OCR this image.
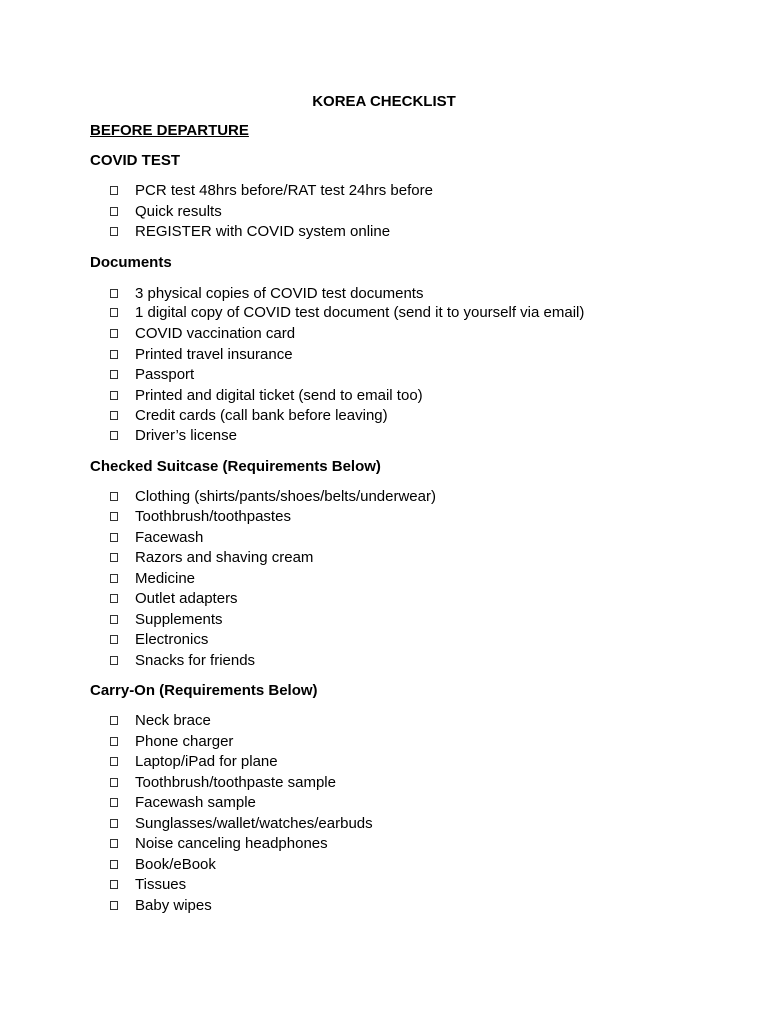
KOREA CHECKLIST
BEFORE DEPARTURE
COVID TEST
PCR test 48hrs before/RAT test 24hrs before
Quick results
REGISTER with COVID system online
Documents
3 physical copies of COVID test documents
1 digital copy of COVID test document (send it to yourself via email)
COVID vaccination card
Printed travel insurance
Passport
Printed and digital ticket (send to email too)
Credit cards (call bank before leaving)
Driver’s license
Checked Suitcase (Requirements Below)
Clothing (shirts/pants/shoes/belts/underwear)
Toothbrush/toothpastes
Facewash
Razors and shaving cream
Medicine
Outlet adapters
Supplements
Electronics
Snacks for friends
Carry-On (Requirements Below)
Neck brace
Phone charger
Laptop/iPad for plane
Toothbrush/toothpaste sample
Facewash sample
Sunglasses/wallet/watches/earbuds
Noise canceling headphones
Book/eBook
Tissues
Baby wipes
